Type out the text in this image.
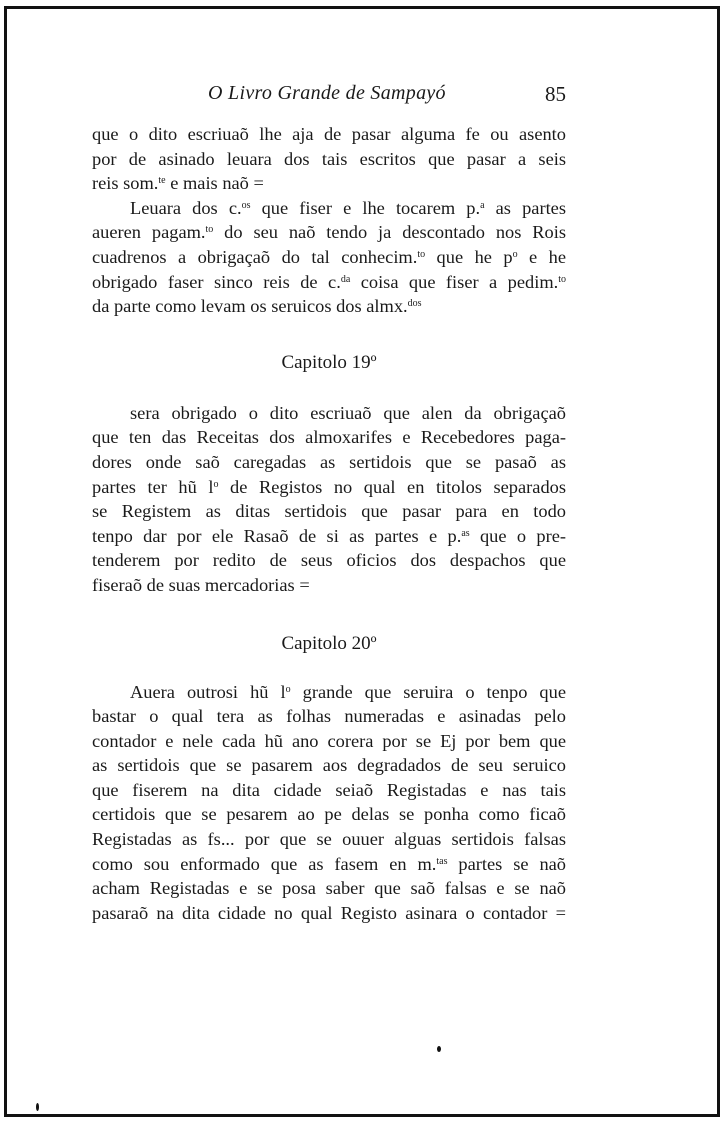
O Livro Grande de Sampayó	85
que o dito escriuaõ lhe aja de pasar alguma fe ou asento
por de asinado leuara dos tais escritos que pasar a seis
reis som.$^{te}$ e mais naõ =
Leuara dos c.$^{os}$ que fiser e lhe tocarem p.$^a$ as partes
aueren pagam.$^{to}$ do seu naõ tendo ja descontado nos Rois
cuadrenos a obrigaçaõ do tal conhecim.$^{to}$ que he $p^o$ e he
obrigado faser sinco reis de c.$^{da}$ coisa que fiser a pedim.$^{to}$
da parte como levam os seruicos dos almx.$^{dos}$

Capitolo 19º

sera obrigado o dito escriuaõ que alen da obrigaçaõ
que ten das Receitas dos almoxarifes e Recebedores paga-
dores onde saõ caregadas as sertidois que se pasaõ as
partes ter hũ $l^o$ de Registos no qual en titolos separados
se Registem as ditas sertidois que pasar para en todo
tenpo dar por ele Rasaõ de si as partes e p.$^{as}$ que o pre-
tenderem por redito de seus oficios dos despachos que
fiseraõ de suas mercadorias =

Capitolo 20º

Auera outrosi hũ $l^o$ grande que seruira o tenpo que
bastar o qual tera as folhas numeradas e asinadas pelo
contador e nele cada hũ ano corera por se Ej por bem que
as sertidois que se pasarem aos degradados de seu seruico
que fiserem na dita cidade seiaõ Registadas e nas tais
certidois que se pesarem ao pe delas se ponha como ficaõ
Registadas as fs... por que se ouuer alguas sertidois falsas
como sou enformado que as fasem en m.$^{tas}$ partes se naõ
acham Registadas e se posa saber que saõ falsas e se naõ
pasaraõ na dita cidade no qual Registo asinara o contador =
